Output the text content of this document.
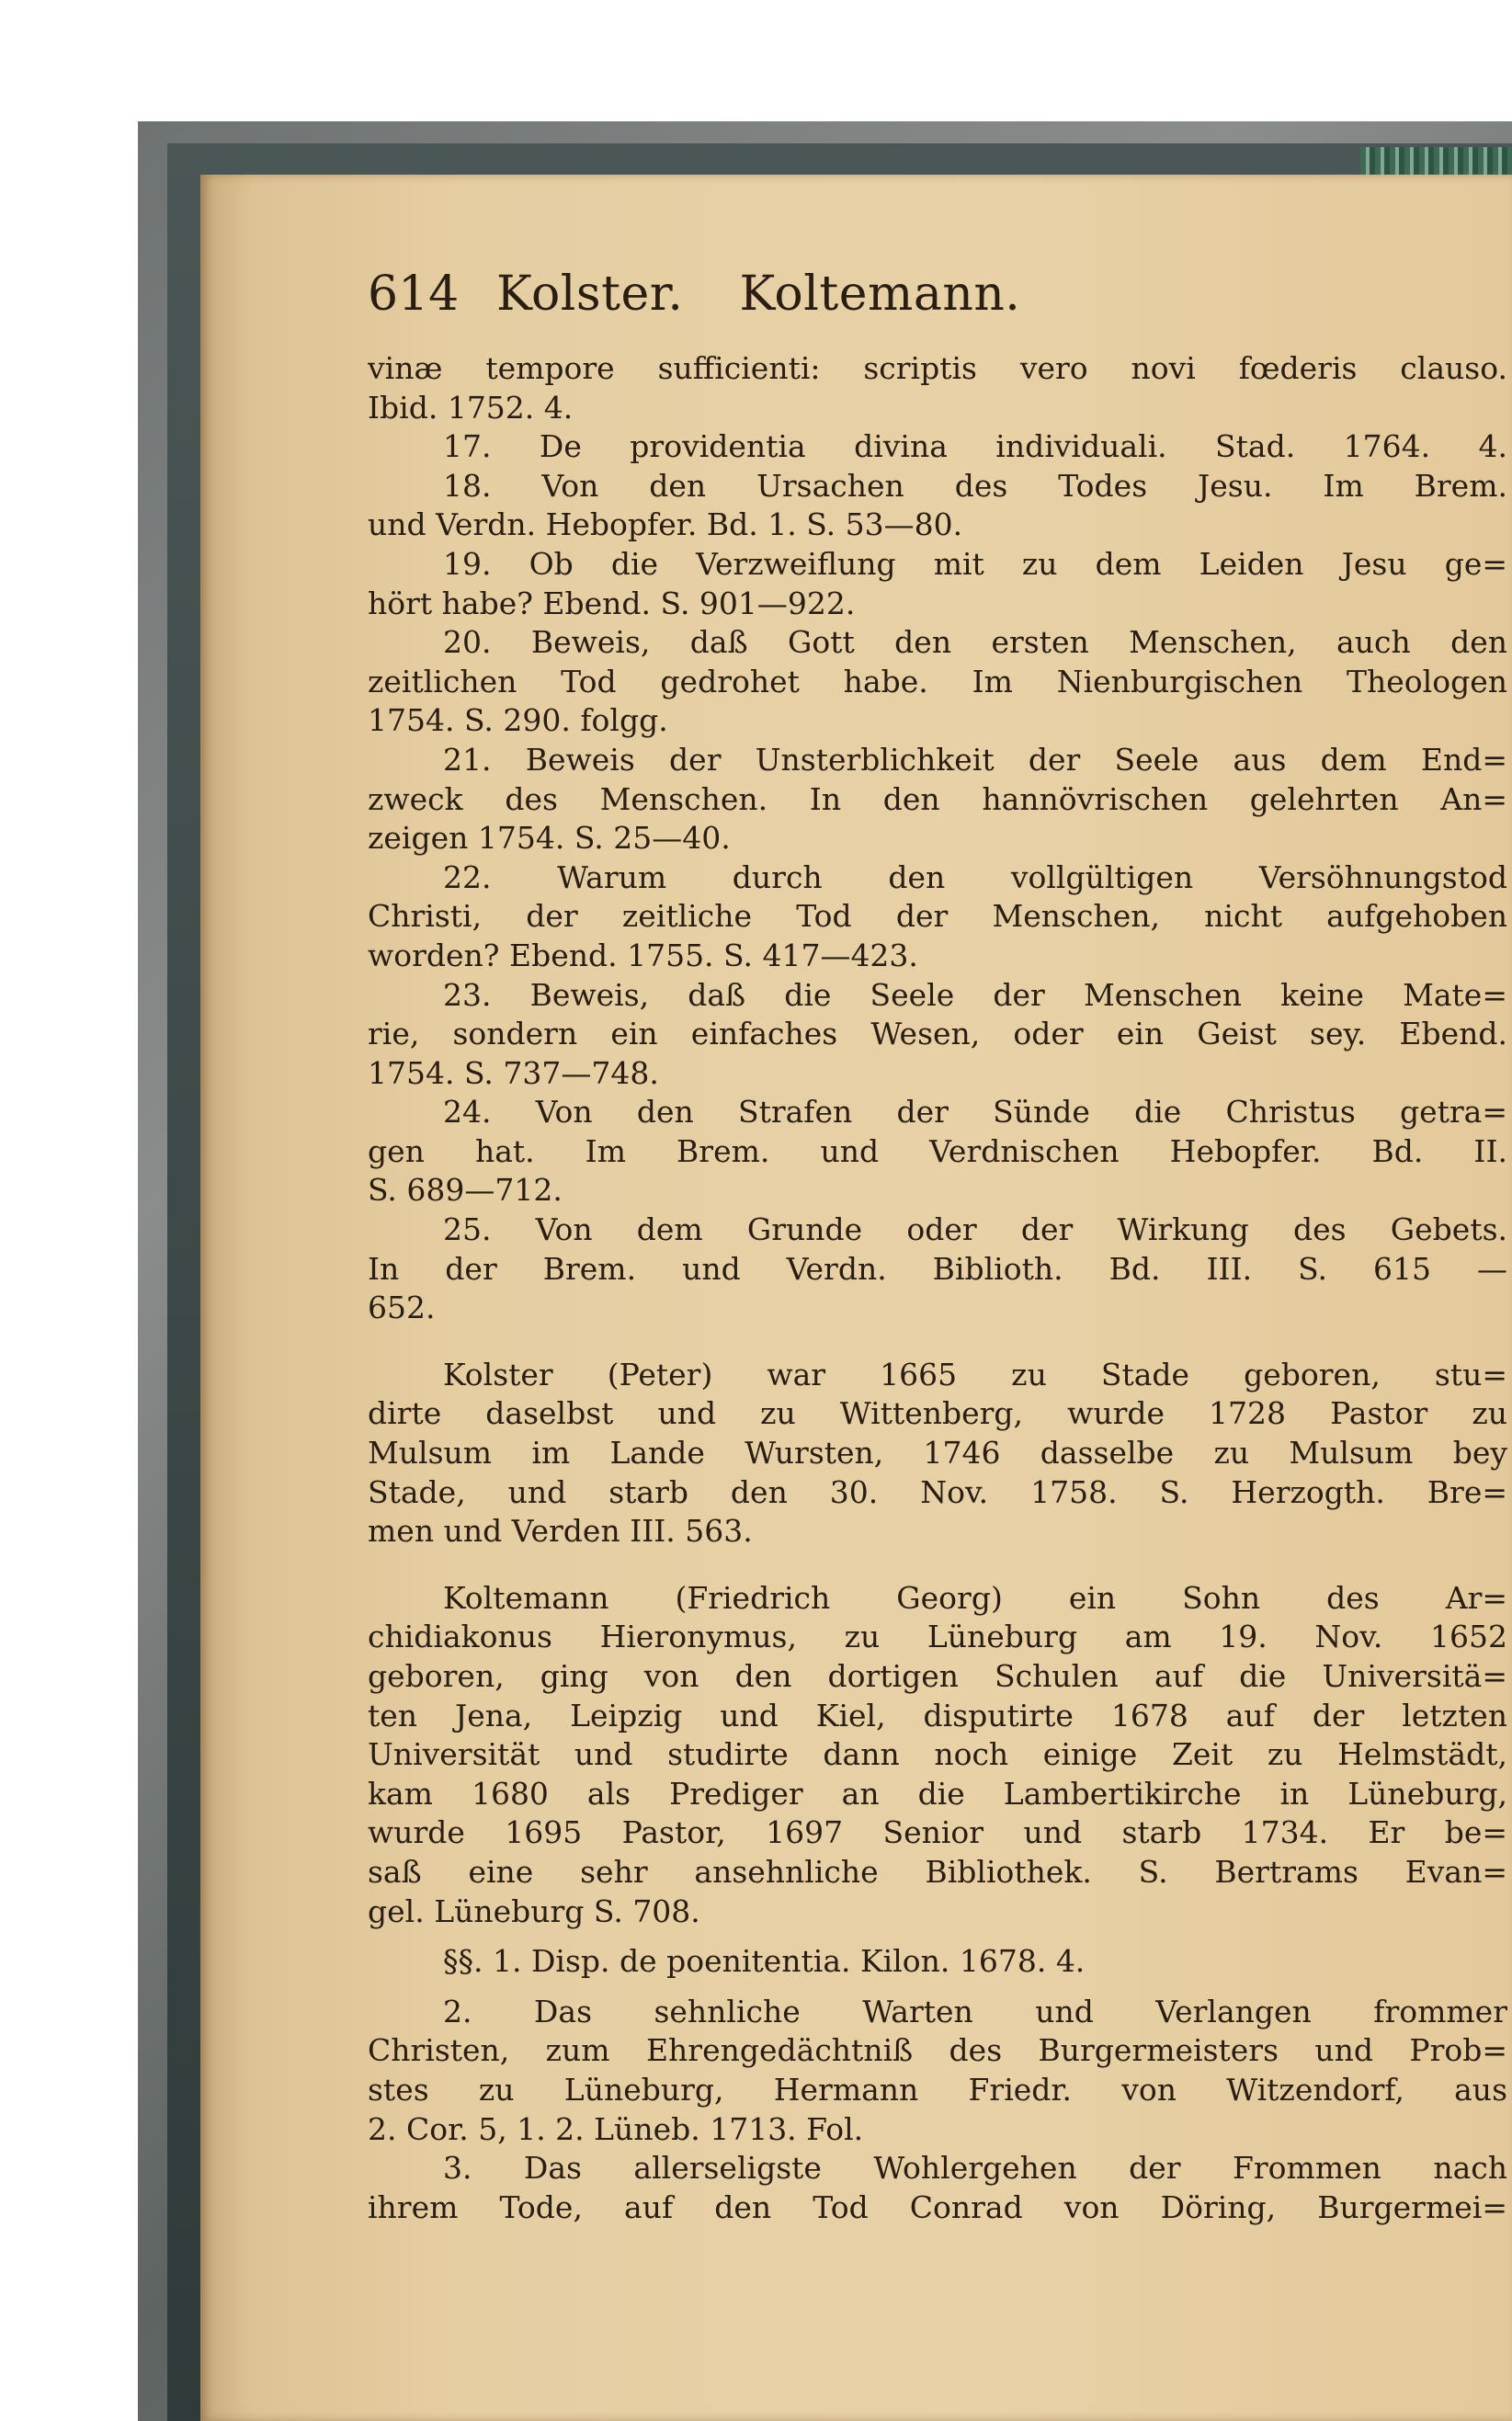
614 Kolster. Koltemann.
vinæ tempore sufficienti: scriptis vero novi fœderis clauso.
Ibid. 1752. 4.
17. De providentia divina individuali. Stad. 1764. 4.
18. Von den Ursachen des Todes Jesu. Im Brem.
und Verdn. Hebopfer. Bd. 1. S. 53—80.
19. Ob die Verzweiflung mit zu dem Leiden Jesu ge=
hört habe? Ebend. S. 901—922.
20. Beweis, daß Gott den ersten Menschen, auch den
zeitlichen Tod gedrohet habe. Im Nienburgischen Theologen
1754. S. 290. folgg.
21. Beweis der Unsterblichkeit der Seele aus dem End=
zweck des Menschen. In den hannövrischen gelehrten An=
zeigen 1754. S. 25—40.
22. Warum durch den vollgültigen Versöhnungstod
Christi, der zeitliche Tod der Menschen, nicht aufgehoben
worden? Ebend. 1755. S. 417—423.
23. Beweis, daß die Seele der Menschen keine Mate=
rie, sondern ein einfaches Wesen, oder ein Geist sey. Ebend.
1754. S. 737—748.
24. Von den Strafen der Sünde die Christus getra=
gen hat. Im Brem. und Verdnischen Hebopfer. Bd. II.
S. 689—712.
25. Von dem Grunde oder der Wirkung des Gebets.
In der Brem. und Verdn. Biblioth. Bd. III. S. 615 —
652.
Kolster (Peter) war 1665 zu Stade geboren, stu=
dirte daselbst und zu Wittenberg, wurde 1728 Pastor zu
Mulsum im Lande Wursten, 1746 dasselbe zu Mulsum bey
Stade, und starb den 30. Nov. 1758. S. Herzogth. Bre=
men und Verden III. 563.
Koltemann (Friedrich Georg) ein Sohn des Ar=
chidiakonus Hieronymus, zu Lüneburg am 19. Nov. 1652
geboren, ging von den dortigen Schulen auf die Universitä=
ten Jena, Leipzig und Kiel, disputirte 1678 auf der letzten
Universität und studirte dann noch einige Zeit zu Helmstädt,
kam 1680 als Prediger an die Lambertikirche in Lüneburg,
wurde 1695 Pastor, 1697 Senior und starb 1734. Er be=
saß eine sehr ansehnliche Bibliothek. S. Bertrams Evan=
gel. Lüneburg S. 708.
§§. 1. Disp. de poenitentia. Kilon. 1678. 4.
2. Das sehnliche Warten und Verlangen frommer
Christen, zum Ehrengedächtniß des Burgermeisters und Prob=
stes zu Lüneburg, Hermann Friedr. von Witzendorf, aus
2. Cor. 5, 1. 2. Lüneb. 1713. Fol.
3. Das allerseligste Wohlergehen der Frommen nach
ihrem Tode, auf den Tod Conrad von Döring, Burgermei=
